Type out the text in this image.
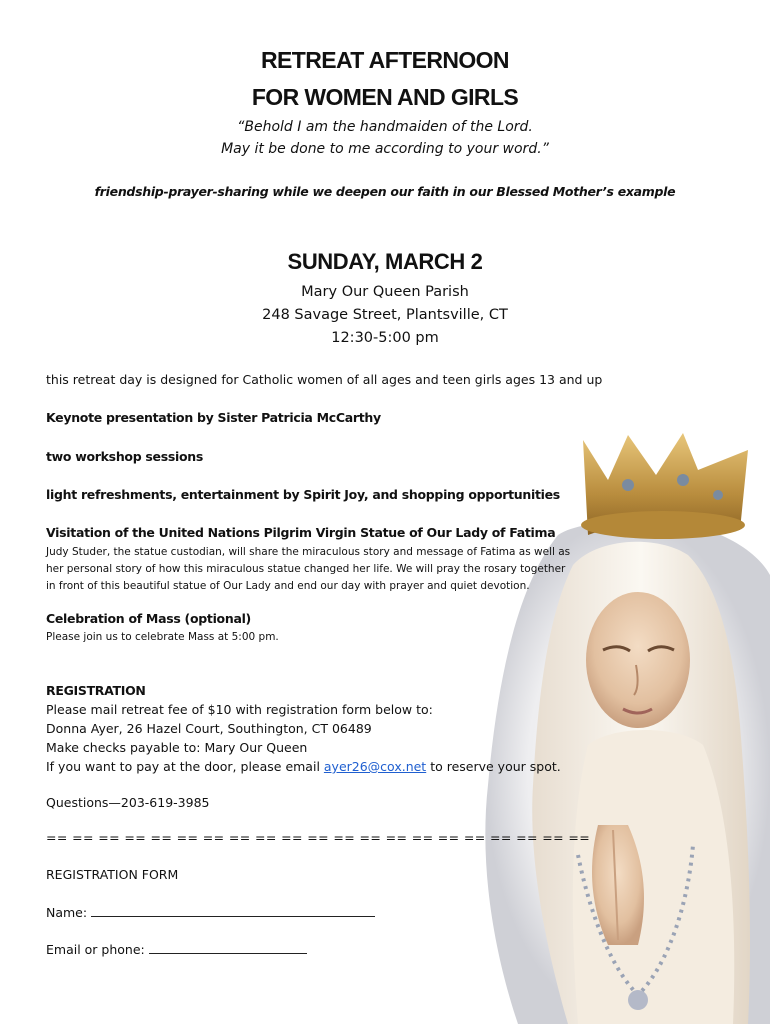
RETREAT AFTERNOON
FOR WOMEN AND GIRLS
“Behold I am the handmaiden of the Lord.
May it be done to me according to your word.”
friendship-prayer-sharing while we deepen our faith in our Blessed Mother’s example
SUNDAY, MARCH 2
Mary Our Queen Parish
248 Savage Street, Plantsville, CT
12:30-5:00 pm
this retreat day is designed for Catholic women of all ages and teen girls ages 13 and up
Keynote presentation by Sister Patricia McCarthy
two workshop sessions
light refreshments, entertainment by Spirit Joy, and shopping opportunities
Visitation of the United Nations Pilgrim Virgin Statue of Our Lady of Fatima
Judy Studer, the statue custodian, will share the miraculous story and message of Fatima as well as
her personal story of how this miraculous statue changed her life. We will pray the rosary together
in front of this beautiful statue of Our Lady and end our day with prayer and quiet devotion.
Celebration of Mass (optional)
Please join us to celebrate Mass at 5:00 pm.
REGISTRATION
Please mail retreat fee of $10 with registration form below to:
Donna Ayer, 26 Hazel Court, Southington, CT 06489
Make checks payable to: Mary Our Queen
If you want to pay at the door, please email ayer26@cox.net to reserve your spot.
Questions—203-619-3985
== == == == == == == == == == == == == == == == == == == == ==
REGISTRATION FORM
Name:
Email or phone:
